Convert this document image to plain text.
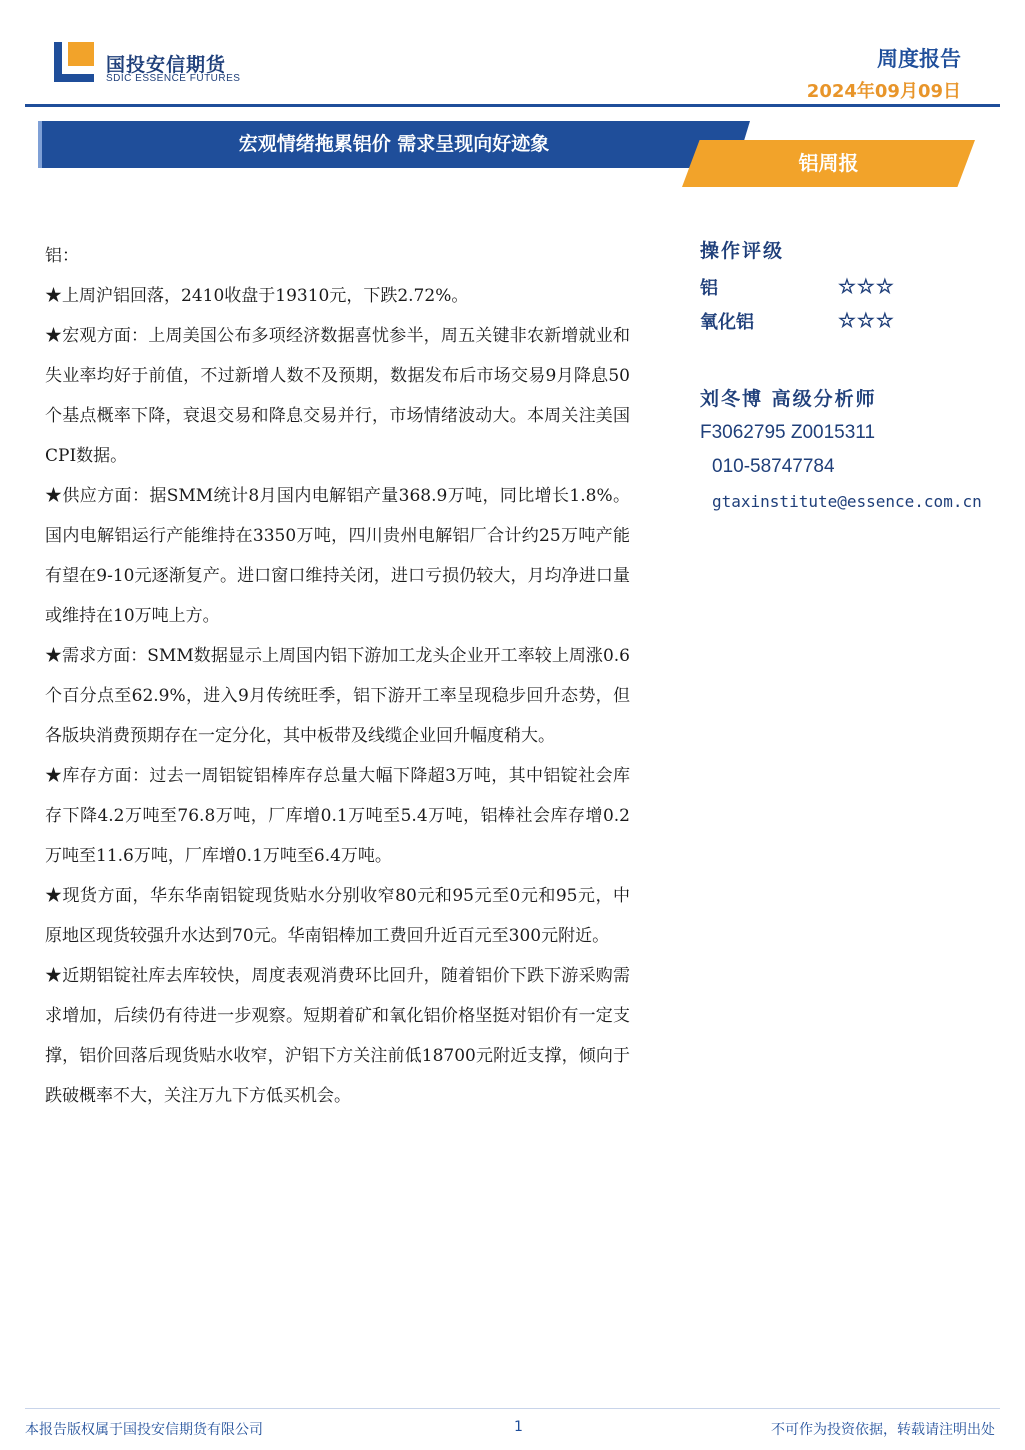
国投安信期货
SDIC ESSENCE FUTURES
周度报告
2024年09月09日
宏观情绪拖累铝价 需求呈现向好迹象
铝周报

铝：

★上周沪铝回落，2410收盘于19310元，下跌2.72%。

★宏观方面：上周美国公布多项经济数据喜忧参半，周五关键非农新增就业和失业率均好于前值，不过新增人数不及预期，数据发布后市场交易9月降息50个基点概率下降，衰退交易和降息交易并行，市场情绪波动大。本周关注美国CPI数据。

★供应方面：据SMM统计8月国内电解铝产量368.9万吨，同比增长1.8%。国内电解铝运行产能维持在3350万吨，四川贵州电解铝厂合计约25万吨产能有望在9-10元逐渐复产。进口窗口维持关闭，进口亏损仍较大，月均净进口量或维持在10万吨上方。

★需求方面：SMM数据显示上周国内铝下游加工龙头企业开工率较上周涨0.6个百分点至62.9%，进入9月传统旺季，铝下游开工率呈现稳步回升态势，但各版块消费预期存在一定分化，其中板带及线缆企业回升幅度稍大。

★库存方面：过去一周铝锭铝棒库存总量大幅下降超3万吨，其中铝锭社会库存下降4.2万吨至76.8万吨，厂库增0.1万吨至5.4万吨，铝棒社会库存增0.2万吨至11.6万吨，厂库增0.1万吨至6.4万吨。

★现货方面，华东华南铝锭现货贴水分别收窄80元和95元至0元和95元，中原地区现货较强升水达到70元。华南铝棒加工费回升近百元至300元附近。

★近期铝锭社库去库较快，周度表观消费环比回升，随着铝价下跌下游采购需求增加，后续仍有待进一步观察。短期着矿和氧化铝价格坚挺对铝价有一定支撑，铝价回落后现货贴水收窄，沪铝下方关注前低18700元附近支撑，倾向于跌破概率不大，关注万九下方低买机会。

操作评级
铝	☆☆☆
氧化铝	☆☆☆
刘冬博 高级分析师
F3062795 Z0015311
010-58747784
gtaxinstitute@essence.com.cn
本报告版权属于国投安信期货有限公司	1	不可作为投资依据，转载请注明出处
